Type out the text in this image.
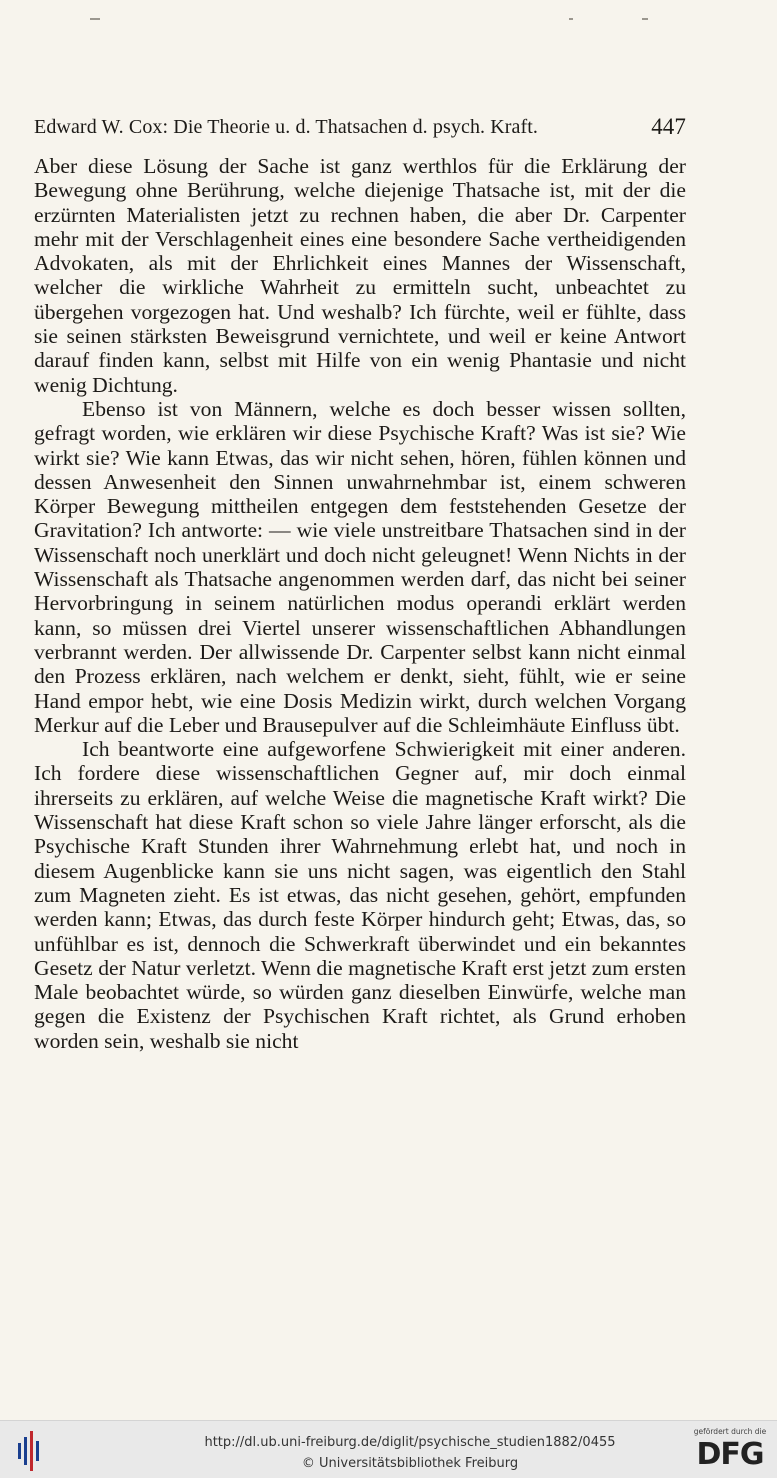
Edward W. Cox: Die Theorie u. d. Thatsachen d. psych. Kraft.	447

Aber diese Lösung der Sache ist ganz werthlos für die Erklärung der Bewegung ohne Berührung, welche diejenige Thatsache ist, mit der die erzürnten Materialisten jetzt zu rechnen haben, die aber Dr. Carpenter mehr mit der Verschlagenheit eines eine besondere Sache vertheidigenden Advokaten, als mit der Ehrlichkeit eines Mannes der Wissenschaft, welcher die wirkliche Wahrheit zu ermitteln sucht, unbeachtet zu übergehen vorgezogen hat. Und weshalb? Ich fürchte, weil er fühlte, dass sie seinen stärksten Beweisgrund vernichtete, und weil er keine Antwort darauf finden kann, selbst mit Hilfe von ein wenig Phantasie und nicht wenig Dichtung.

Ebenso ist von Männern, welche es doch besser wissen sollten, gefragt worden, wie erklären wir diese Psychische Kraft? Was ist sie? Wie wirkt sie? Wie kann Etwas, das wir nicht sehen, hören, fühlen können und dessen Anwesenheit den Sinnen unwahrnehmbar ist, einem schweren Körper Bewegung mittheilen entgegen dem feststehenden Gesetze der Gravitation? Ich antworte: — wie viele unstreitbare Thatsachen sind in der Wissenschaft noch unerklärt und doch nicht geleugnet! Wenn Nichts in der Wissenschaft als Thatsache angenommen werden darf, das nicht bei seiner Hervorbringung in seinem natürlichen modus operandi erklärt werden kann, so müssen drei Viertel unserer wissenschaftlichen Abhandlungen verbrannt werden. Der allwissende Dr. Carpenter selbst kann nicht einmal den Prozess erklären, nach welchem er denkt, sieht, fühlt, wie er seine Hand empor hebt, wie eine Dosis Medizin wirkt, durch welchen Vorgang Merkur auf die Leber und Brausepulver auf die Schleimhäute Einfluss übt.

Ich beantworte eine aufgeworfene Schwierigkeit mit einer anderen. Ich fordere diese wissenschaftlichen Gegner auf, mir doch einmal ihrerseits zu erklären, auf welche Weise die magnetische Kraft wirkt? Die Wissenschaft hat diese Kraft schon so viele Jahre länger erforscht, als die Psychische Kraft Stunden ihrer Wahrnehmung erlebt hat, und noch in diesem Augenblicke kann sie uns nicht sagen, was eigentlich den Stahl zum Magneten zieht. Es ist etwas, das nicht gesehen, gehört, empfunden werden kann; Etwas, das durch feste Körper hindurch geht; Etwas, das, so unfühlbar es ist, dennoch die Schwerkraft überwindet und ein bekanntes Gesetz der Natur verletzt. Wenn die magnetische Kraft erst jetzt zum ersten Male beobachtet würde, so würden ganz dieselben Einwürfe, welche man gegen die Existenz der Psychischen Kraft richtet, als Grund erhoben worden sein, weshalb sie nicht

http://dl.ub.uni-freiburg.de/diglit/psychische_studien1882/0455
© Universitätsbibliothek Freiburg
gefördert durch die
DFG
